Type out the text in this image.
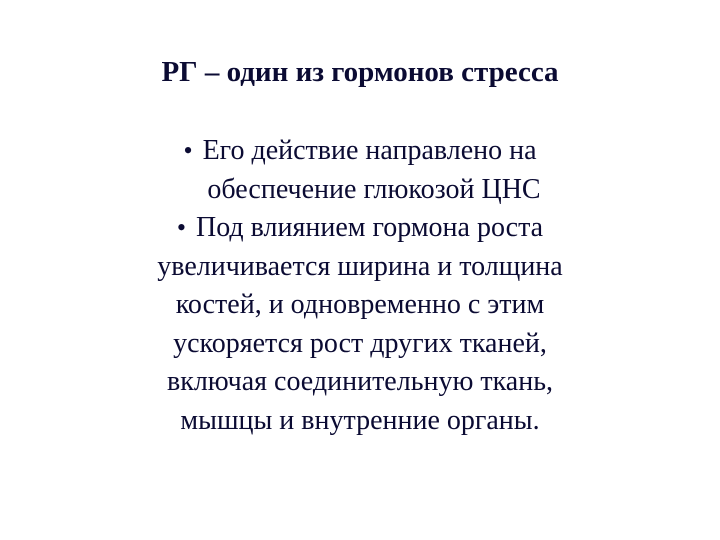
РГ – один из гормонов стресса
• Его действие направлено на
обеспечение глюкозой ЦНС
• Под влиянием гормона роста
увеличивается ширина и толщина
костей, и одновременно с этим
ускоряется рост других тканей,
включая соединительную ткань,
мышцы и внутренние органы.
